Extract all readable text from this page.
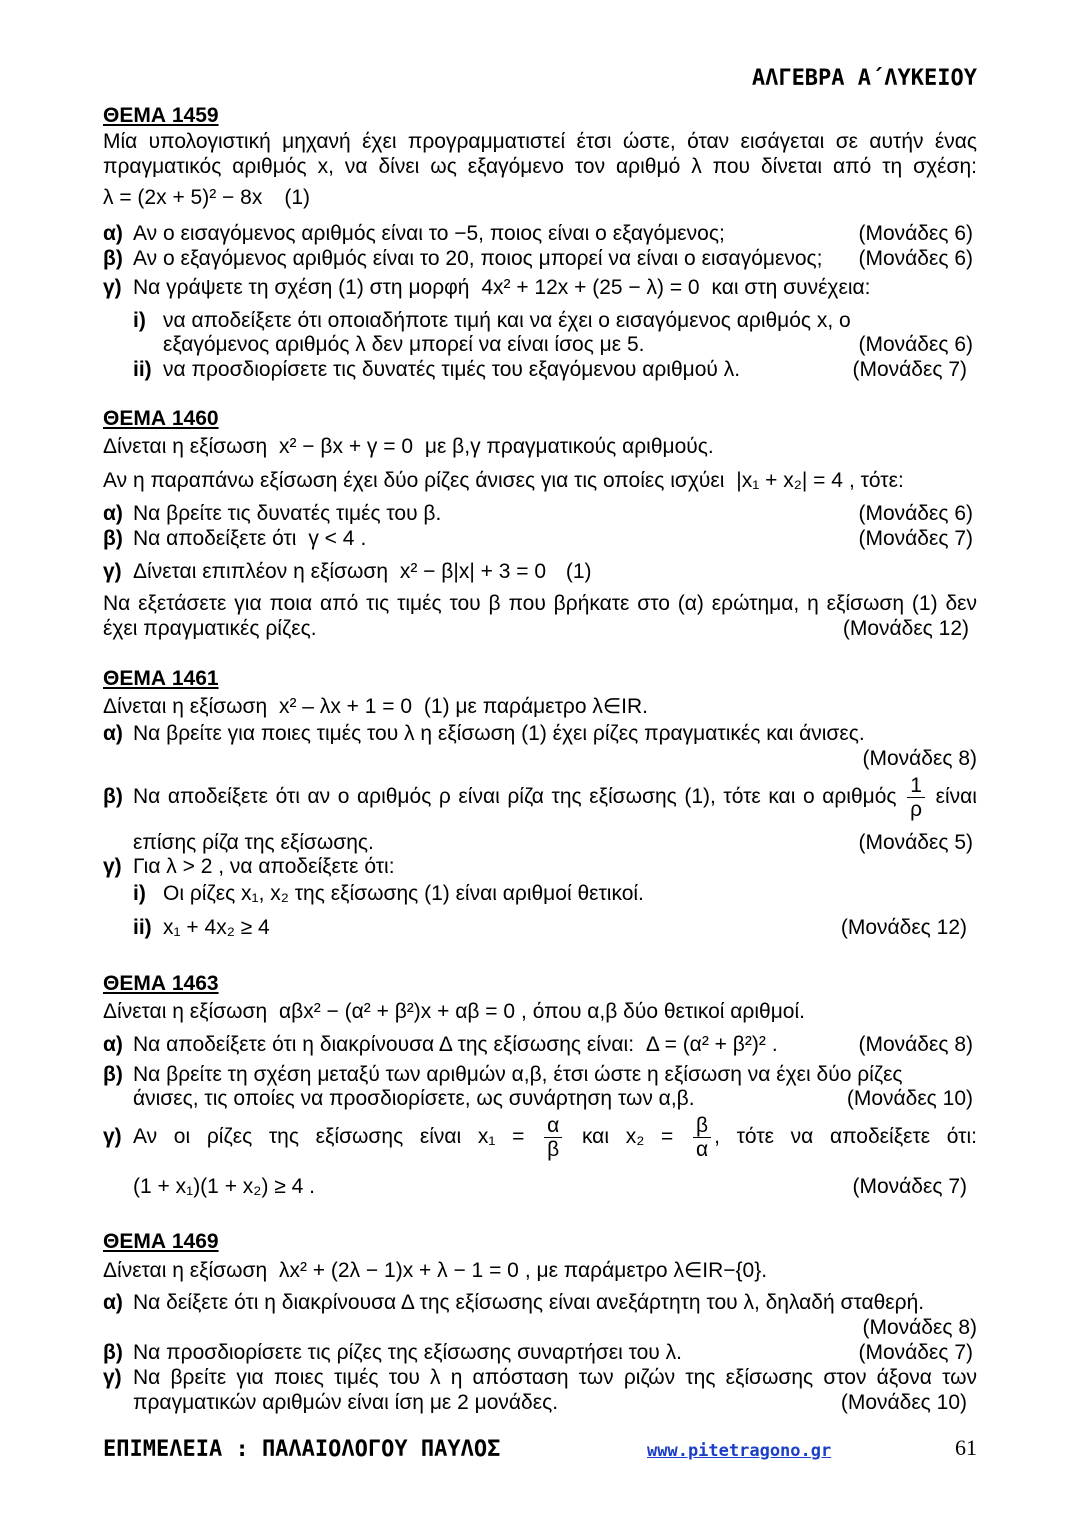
ΑΛΓΕΒΡΑ Α΄ΛΥΚΕΙΟΥ
ΘΕΜΑ 1459
Μία υπολογιστική μηχανή έχει προγραμματιστεί έτσι ώστε, όταν εισάγεται σε αυτήν ένας
πραγματικός αριθμός x, να δίνει ως εξαγόμενο τον αριθμό λ που δίνεται από τη σχέση:
λ = (2x + 5)² − 8x (1)
α) Αν ο εισαγόμενος αριθμός είναι το −5, ποιος είναι ο εξαγόμενος;	(Μονάδες 6)
β) Αν ο εξαγόμενος αριθμός είναι το 20, ποιος μπορεί να είναι ο εισαγόμενος;	(Μονάδες 6)
γ) Να γράψετε τη σχέση (1) στη μορφή 4x² + 12x + (25 − λ) = 0 και στη συνέχεια:
i) να αποδείξετε ότι οποιαδήποτε τιμή και να έχει ο εισαγόμενος αριθμός x, ο
εξαγόμενος αριθμός λ δεν μπορεί να είναι ίσος με 5.	(Μονάδες 6)
ii) να προσδιορίσετε τις δυνατές τιμές του εξαγόμενου αριθμού λ.	(Μονάδες 7)
ΘΕΜΑ 1460
Δίνεται η εξίσωση x² − βx + γ = 0 με β,γ πραγματικούς αριθμούς.
Αν η παραπάνω εξίσωση έχει δύο ρίζες άνισες για τις οποίες ισχύει |x₁ + x₂| = 4 , τότε:
α) Να βρείτε τις δυνατές τιμές του β.	(Μονάδες 6)
β) Να αποδείξετε ότι γ < 4 .	(Μονάδες 7)
γ) Δίνεται επιπλέον η εξίσωση x² − β|x| + 3 = 0 (1)
Να εξετάσετε για ποια από τις τιμές του β που βρήκατε στο (α) ερώτημα, η εξίσωση (1) δεν
έχει πραγματικές ρίζες.	(Μονάδες 12)
ΘΕΜΑ 1461
Δίνεται η εξίσωση x² – λx + 1 = 0 (1) με παράμετρο λ∈IR.
α) Να βρείτε για ποιες τιμές του λ η εξίσωση (1) έχει ρίζες πραγματικές και άνισες.
(Μονάδες 8)
β) Να αποδείξετε ότι αν ο αριθμός ρ είναι ρίζα της εξίσωσης (1), τότε και ο αριθμός $\frac{1}{\rho}$ είναι
επίσης ρίζα της εξίσωσης.	(Μονάδες 5)
γ) Για λ > 2 , να αποδείξετε ότι:
i) Οι ρίζες x₁, x₂ της εξίσωσης (1) είναι αριθμοί θετικοί.
ii) x₁ + 4x₂ ≥ 4	(Μονάδες 12)
ΘΕΜΑ 1463
Δίνεται η εξίσωση αβx² − (α² + β²)x + αβ = 0 , όπου α,β δύο θετικοί αριθμοί.
α) Να αποδείξετε ότι η διακρίνουσα Δ της εξίσωσης είναι: Δ = (α² + β²)² .	(Μονάδες 8)
β) Να βρείτε τη σχέση μεταξύ των αριθμών α,β, έτσι ώστε η εξίσωση να έχει δύο ρίζες
άνισες, τις οποίες να προσδιορίσετε, ως συνάρτηση των α,β.	(Μονάδες 10)
γ) Αν οι ρίζες της εξίσωσης είναι $x_1 = \frac{\alpha}{\beta}$ και $x_2 = \frac{\beta}{\alpha}$ , τότε να αποδείξετε ότι:
(1 + x₁)(1 + x₂) ≥ 4 .	(Μονάδες 7)
ΘΕΜΑ 1469
Δίνεται η εξίσωση λx² + (2λ − 1)x + λ − 1 = 0 , με παράμετρο λ∈IR−{0}.
α) Να δείξετε ότι η διακρίνουσα Δ της εξίσωσης είναι ανεξάρτητη του λ, δηλαδή σταθερή.
(Μονάδες 8)
β) Να προσδιορίσετε τις ρίζες της εξίσωσης συναρτήσει του λ.	(Μονάδες 7)
γ) Να βρείτε για ποιες τιμές του λ η απόσταση των ριζών της εξίσωσης στον άξονα των
πραγματικών αριθμών είναι ίση με 2 μονάδες.	(Μονάδες 10)
ΕΠΙΜΕΛΕΙΑ : ΠΑΛΑΙΟΛΟΓΟΥ ΠΑΥΛΟΣ	www.pitetragono.gr	61
